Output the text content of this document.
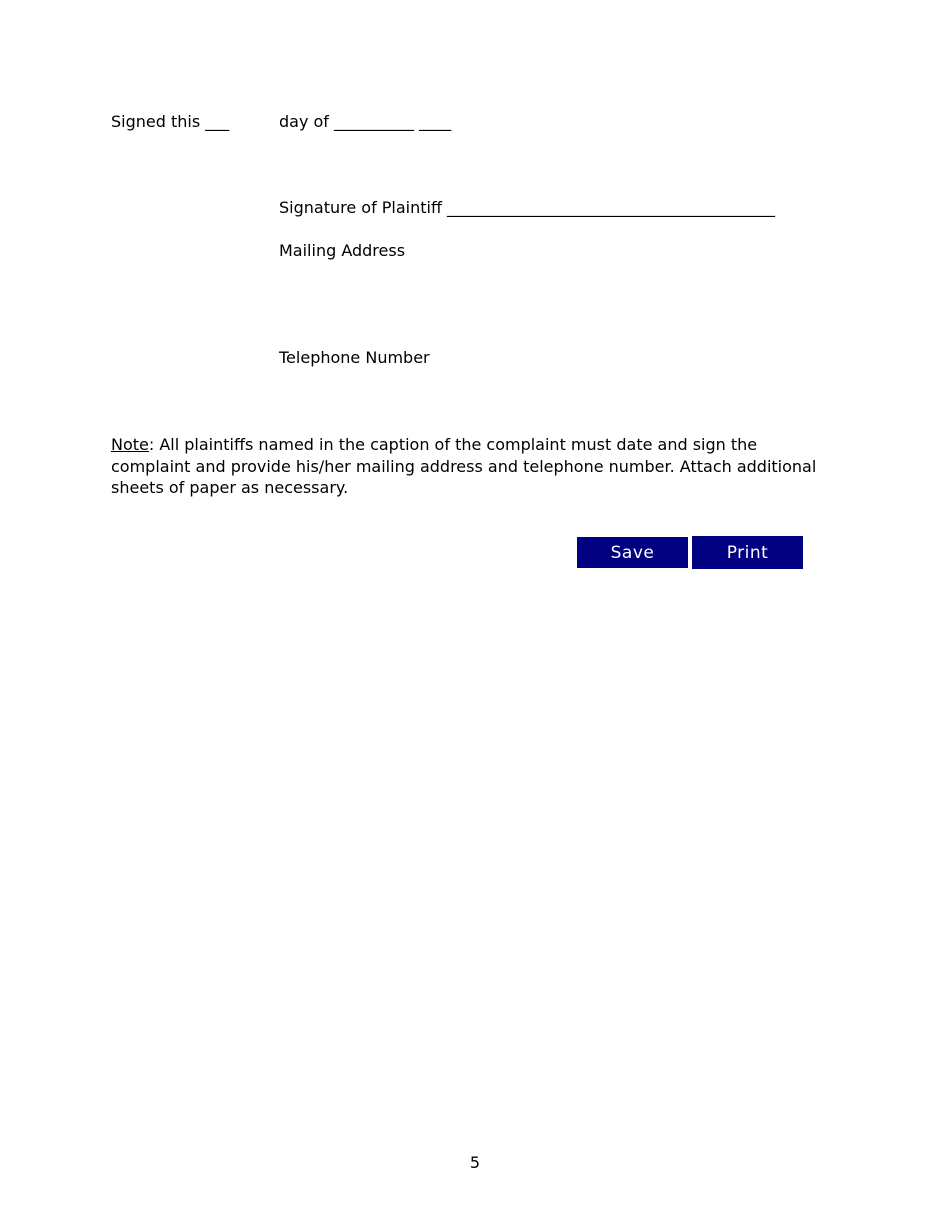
Signed this ___	day of __________ ____
Signature of Plaintiff _________________________________________
Mailing Address
Telephone Number
Note: All plaintiffs named in the caption of the complaint must date and sign the complaint and provide his/her mailing address and telephone number. Attach additional sheets of paper as necessary.
Save	Print
5
